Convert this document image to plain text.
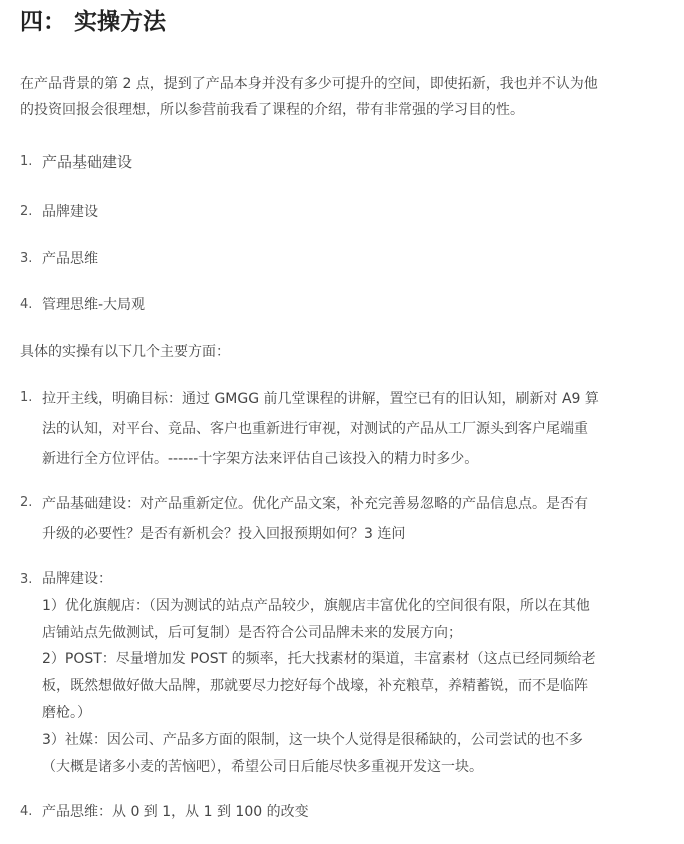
四： 实操方法
在产品背景的第 2 点，提到了产品本身并没有多少可提升的空间，即使拓新，我也并不认为他
的投资回报会很理想，所以参营前我看了课程的介绍，带有非常强的学习目的性。
1. 产品基础建设
2. 品牌建设
3. 产品思维
4. 管理思维-大局观
具体的实操有以下几个主要方面：
1. 拉开主线，明确目标：通过 GMGG 前几堂课程的讲解，置空已有的旧认知，刷新对 A9 算
法的认知，对平台、竞品、客户也重新进行审视，对测试的产品从工厂源头到客户尾端重
新进行全方位评估。------十字架方法来评估自己该投入的精力时多少。
2. 产品基础建设：对产品重新定位。优化产品文案，补充完善易忽略的产品信息点。是否有
升级的必要性？是否有新机会？投入回报预期如何？3 连问
3. 品牌建设：
1）优化旗舰店：（因为测试的站点产品较少，旗舰店丰富优化的空间很有限，所以在其他
店铺站点先做测试，后可复制）是否符合公司品牌未来的发展方向；
2）POST：尽量增加发 POST 的频率，托大找素材的渠道，丰富素材（这点已经同频给老
板，既然想做好做大品牌，那就要尽力挖好每个战壕，补充粮草，养精蓄锐，而不是临阵
磨枪。）
3）社媒：因公司、产品多方面的限制，这一块个人觉得是很稀缺的，公司尝试的也不多
（大概是诸多小麦的苦恼吧），希望公司日后能尽快多重视开发这一块。
4. 产品思维：从 0 到 1，从 1 到 100 的改变
